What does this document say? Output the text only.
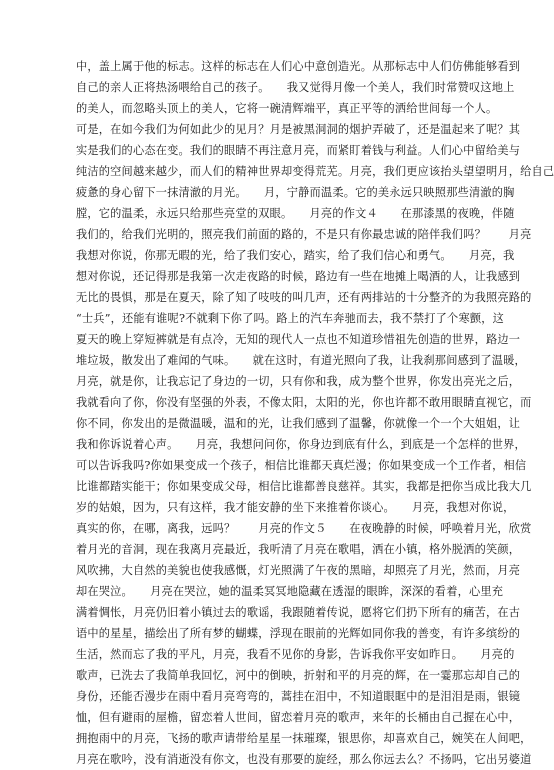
中，盖上属于他的标志。这样的标志在人们心中意创造光。从那标志中人们仿佛能够看到
自己的亲人正将热汤喂给自己的孩子。　　我又觉得月像一个美人，我们时常赞叹这地上
的美人，而忽略头顶上的美人，它将一碗清辉端平，真正平等的洒给世间每一个人。
可是，在如今我们为何如此少的见月？月是被黑洞洞的烟护弄破了，还是温起来了呢？其
实是我们的心态在变。我们的眼睛不再注意月亮，而紧盯着钱与利益。人们心中留给美与
纯洁的空间越来越少，而人们的精神世界却变得荒芜。月亮，我们更应该抬头望望明月，给自己
疲惫的身心留下一抹清澈的月光。　　月，宁静而温柔。它的美永远只映照那些清澈的胸
膛，它的温柔，永远只给那些亮堂的双眼。　　月亮的作文４　　在那漆黑的夜晚，伴随
我们的，给我们光明的，照亮我们前面的路的，不是只有你最忠诚的陪伴我们吗？　　月亮
我想对你说，你那无暇的光，给了我们安心，踏实，给了我们信心和勇气。　　月亮，我
想对你说，还记得那是我第一次走夜路的时候，路边有一些在地摊上喝酒的人，让我感到
无比的畏惧，那是在夏天，除了知了吱吱的叫几声，还有两排站的十分整齐的为我照亮路的
“士兵”，还能有谁呢?不就剩下你了吗。路上的汽车奔驰而去，我不禁打了个寒颤，这
夏天的晚上穿短裤就是有点冷，无知的现代人一点也不知道珍惜祖先创造的世界，路边一
堆垃圾，散发出了难闻的气味。　　就在这时，有道光照向了我，让我刹那间感到了温暖，
月亮，就是你，让我忘记了身边的一切，只有你和我，成为整个世界，你发出亮光之后，
我就看向了你，你没有坚强的外表，不像太阳，太阳的光，你也许都不敢用眼睛直视它，而
你不同，你发出的是微温暖，温和的光，让我们感到了温馨，你就像一个一个大姐姐，让
我和你诉说着心声。　　月亮，我想问问你，你身边到底有什么，到底是一个怎样的世界，
可以告诉我吗?你如果变成一个孩子，相信比谁都天真烂漫；你如果变成一个工作者，相信
比谁都踏实能干；你如果变成父母，相信比谁都善良慈祥。其实，我都是把你当成比我大几
岁的姑娘，因为，只有这样，我才能安静的坐下来推着你谈心。　　月亮，我想对你说，
真实的你，在哪，离我，远吗？　　月亮的作文５　　在夜晚静的时候，呼唤着月光，欣赏
着月光的音洞，现在我离月亮最近，我听清了月亮在歌唱，洒在小镇，格外脱洒的笑颜，
风吹拂，大自然的美貌也使我感慨，灯光照满了午夜的黑暗，却照亮了月光，然而，月亮
却在哭泣。　　月亮在哭泣，她的温柔冥冥地隐藏在透湿的眼眸，深深的看着，心里充
满着惆怅，月亮仍旧着小镇过去的歌谣，我跟随着传说，愿将它们扔下所有的痛苦，在古
语中的星星，描绘出了所有梦的蝴蝶，浮现在眼前的光辉如同你我的善变，有许多缤纷的
生活，然而忘了我的平凡，月亮，我看不见你的身影，告诉我你平安如昨日。　　月亮的
歌声，已洗去了我简单我回忆，河中的倒映，折射和平的月亮的辉，在一霎那忘却自己的
身份，还能否漫步在雨中看月亮弯弯的，蒿挂在泪中，不知道眼眶中的是泪泪是雨，银镜
恤，但有避雨的屋檐，留恋着人世间，留恋着月亮的歌声，来年的长桶由自己握在心中，
拥抱雨中的月亮，飞扬的歌声请带给星星一抹璀璨，银思你，却喜欢自己，婉笑在人间吧，
月亮在歌吟，没有消逝没有你文，也没有那要的旋经，那么你远去么？不扬吗，它出另婆道
